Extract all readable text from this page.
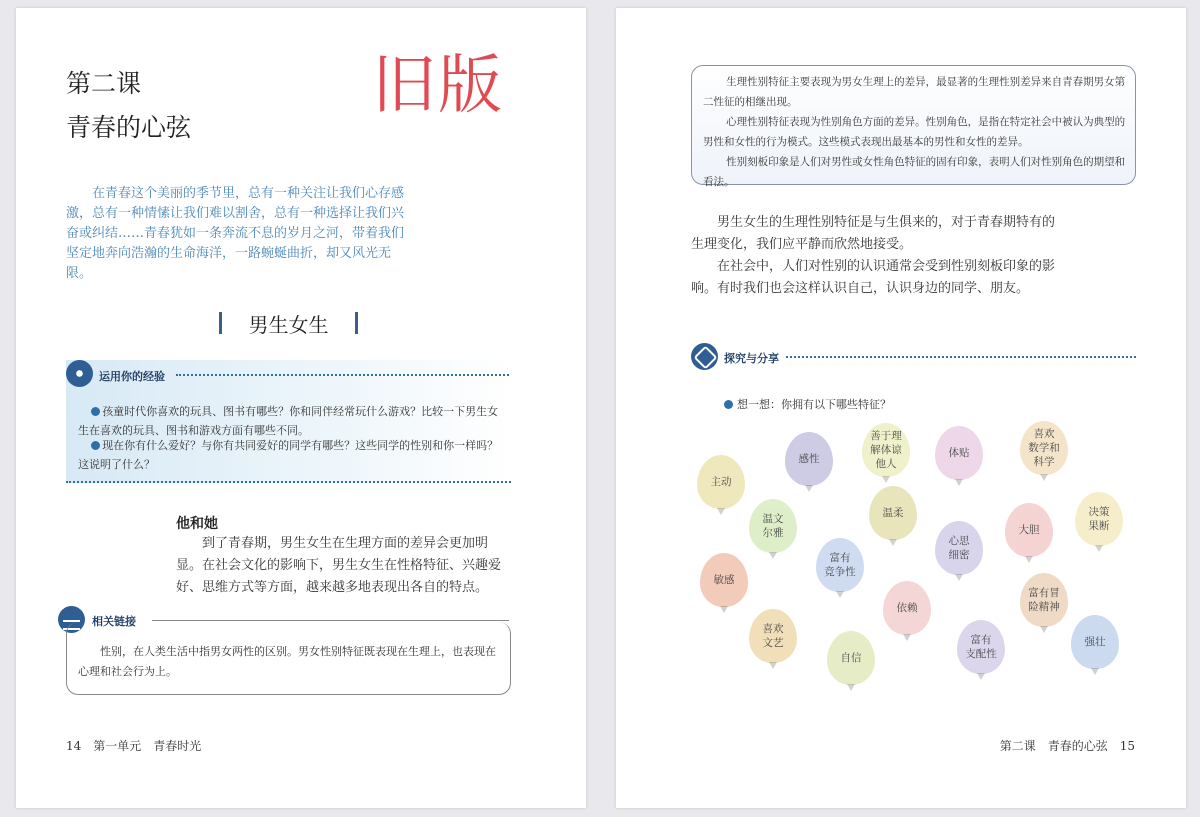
第二课
青春的心弦
在青春这个美丽的季节里，总有一种关注让我们心存感激，总有一种情愫让我们难以割舍，总有一种选择让我们兴奋或纠结……青春犹如一条奔流不息的岁月之河，带着我们坚定地奔向浩瀚的生命海洋，一路蜿蜒曲折，却又风光无限。
男生女生
运用你的经验
孩童时代你喜欢的玩具、图书有哪些？你和同伴经常玩什么游戏？比较一下男生女生在喜欢的玩具、图书和游戏方面有哪些不同。
现在你有什么爱好？与你有共同爱好的同学有哪些？这些同学的性别和你一样吗？这说明了什么？
他和她
到了青春期，男生女生在生理方面的差异会更加明显。在社会文化的影响下，男生女生在性格特征、兴趣爱好、思维方式等方面，越来越多地表现出各自的特点。
相关链接
性别，在人类生活中指男女两性的区别。男女性别特征既表现在生理上，也表现在心理和社会行为上。
14　第一单元　青春时光
旧版	生理性别特征主要表现为男女生理上的差异，最显著的生理性别差异来自青春期男女第二性征的相继出现。

心理性别特征表现为性别角色方面的差异。性别角色，是指在特定社会中被认为典型的男性和女性的行为模式。这些模式表现出最基本的男性和女性的差异。

性别刻板印象是人们对男性或女性角色特征的固有印象，表明人们对性别角色的期望和看法。

男生女生的生理性别特征是与生俱来的，对于青春期特有的生理变化，我们应平静而欣然地接受。
在社会中，人们对性别的认识通常会受到性别刻板印象的影响。有时我们也会这样认识自己，认识身边的同学、朋友。
探究与分享
想一想：你拥有以下哪些特征？
主动
感性
善于理
解体谅
他人
体贴
喜欢
数学和
科学
温文
尔雅
温柔	决策
果断
富有
竞争性
心思
细密
大胆
敏感
依赖
富有冒
险精神
喜欢
文艺
自信
富有
支配性
强壮
第二课　青春的心弦　15
